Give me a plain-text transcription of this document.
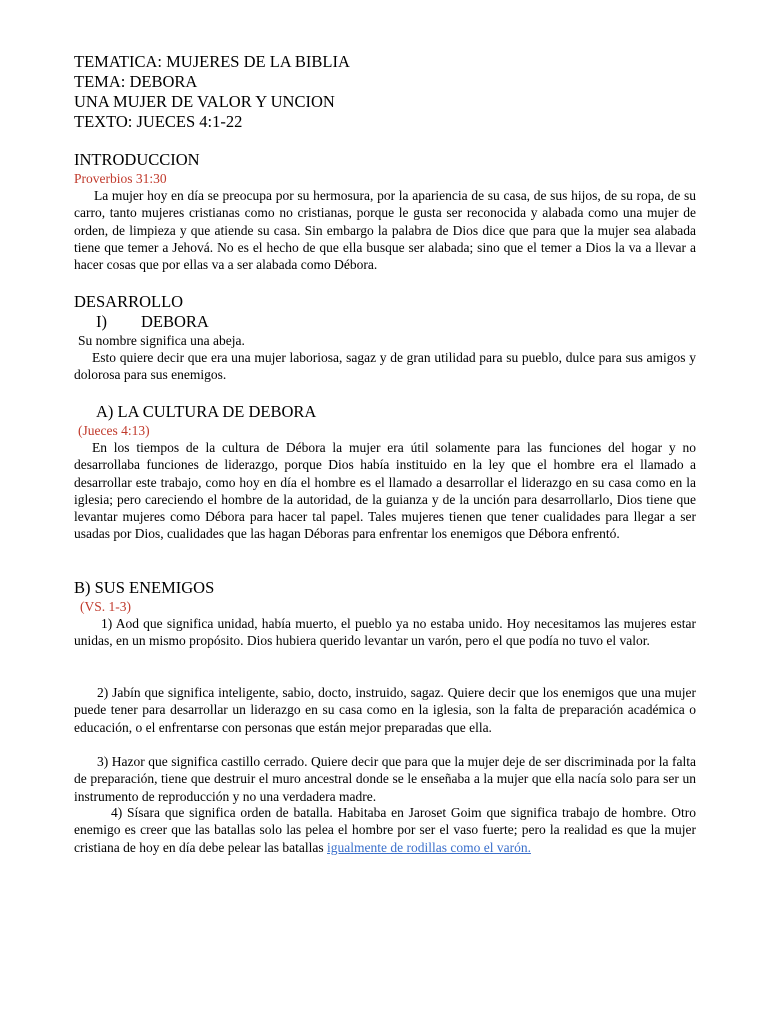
TEMATICA: MUJERES DE LA BIBLIA
TEMA: DEBORA
UNA MUJER DE VALOR Y UNCION
TEXTO: JUECES 4:1-22
INTRODUCCION
Proverbios 31:30
La mujer hoy en día se preocupa por su hermosura, por la apariencia de su casa, de sus hijos, de su ropa, de su carro, tanto mujeres cristianas como no cristianas, porque le gusta ser reconocida y alabada como una mujer de orden, de limpieza y que atiende su casa. Sin embargo la palabra de Dios dice que para que la mujer sea alabada tiene que temer a Jehová. No es el hecho de que ella busque ser alabada; sino que el temer a Dios la va a llevar a hacer cosas que por ellas va a ser alabada como Débora.
DESARROLLO
I) DEBORA
Su nombre significa una abeja.
Esto quiere decir que era una mujer laboriosa, sagaz y de gran utilidad para su pueblo, dulce para sus amigos y dolorosa para sus enemigos.
A) LA CULTURA DE DEBORA
(Jueces 4:13)
En los tiempos de la cultura de Débora la mujer era útil solamente para las funciones del hogar y no desarrollaba funciones de liderazgo, porque Dios había instituido en la ley que el hombre era el llamado a desarrollar este trabajo, como hoy en día el hombre es el llamado a desarrollar el liderazgo en su casa como en la iglesia; pero careciendo el hombre de la autoridad, de la guianza y de la unción para desarrollarlo, Dios tiene que levantar mujeres como Débora para hacer tal papel. Tales mujeres tienen que tener cualidades para llegar a ser usadas por Dios, cualidades que las hagan Déboras para enfrentar los enemigos que Débora enfrentó.
B) SUS ENEMIGOS
(VS. 1-3)
1) Aod que significa unidad, había muerto, el pueblo ya no estaba unido. Hoy necesitamos las mujeres estar unidas, en un mismo propósito. Dios hubiera querido levantar un varón, pero el que podía no tuvo el valor.
2) Jabín que significa inteligente, sabio, docto, instruido, sagaz. Quiere decir que los enemigos que una mujer puede tener para desarrollar un liderazgo en su casa como en la iglesia, son la falta de preparación académica o educación, o el enfrentarse con personas que están mejor preparadas que ella.
3) Hazor que significa castillo cerrado. Quiere decir que para que la mujer deje de ser discriminada por la falta de preparación, tiene que destruir el muro ancestral donde se le enseñaba a la mujer que ella nacía solo para ser un instrumento de reproducción y no una verdadera madre.
4) Sísara que significa orden de batalla. Habitaba en Jaroset Goim que significa trabajo de hombre. Otro enemigo es creer que las batallas solo las pelea el hombre por ser el vaso fuerte; pero la realidad es que la mujer cristiana de hoy en día debe pelear las batallas igualmente de rodillas como el varón.
